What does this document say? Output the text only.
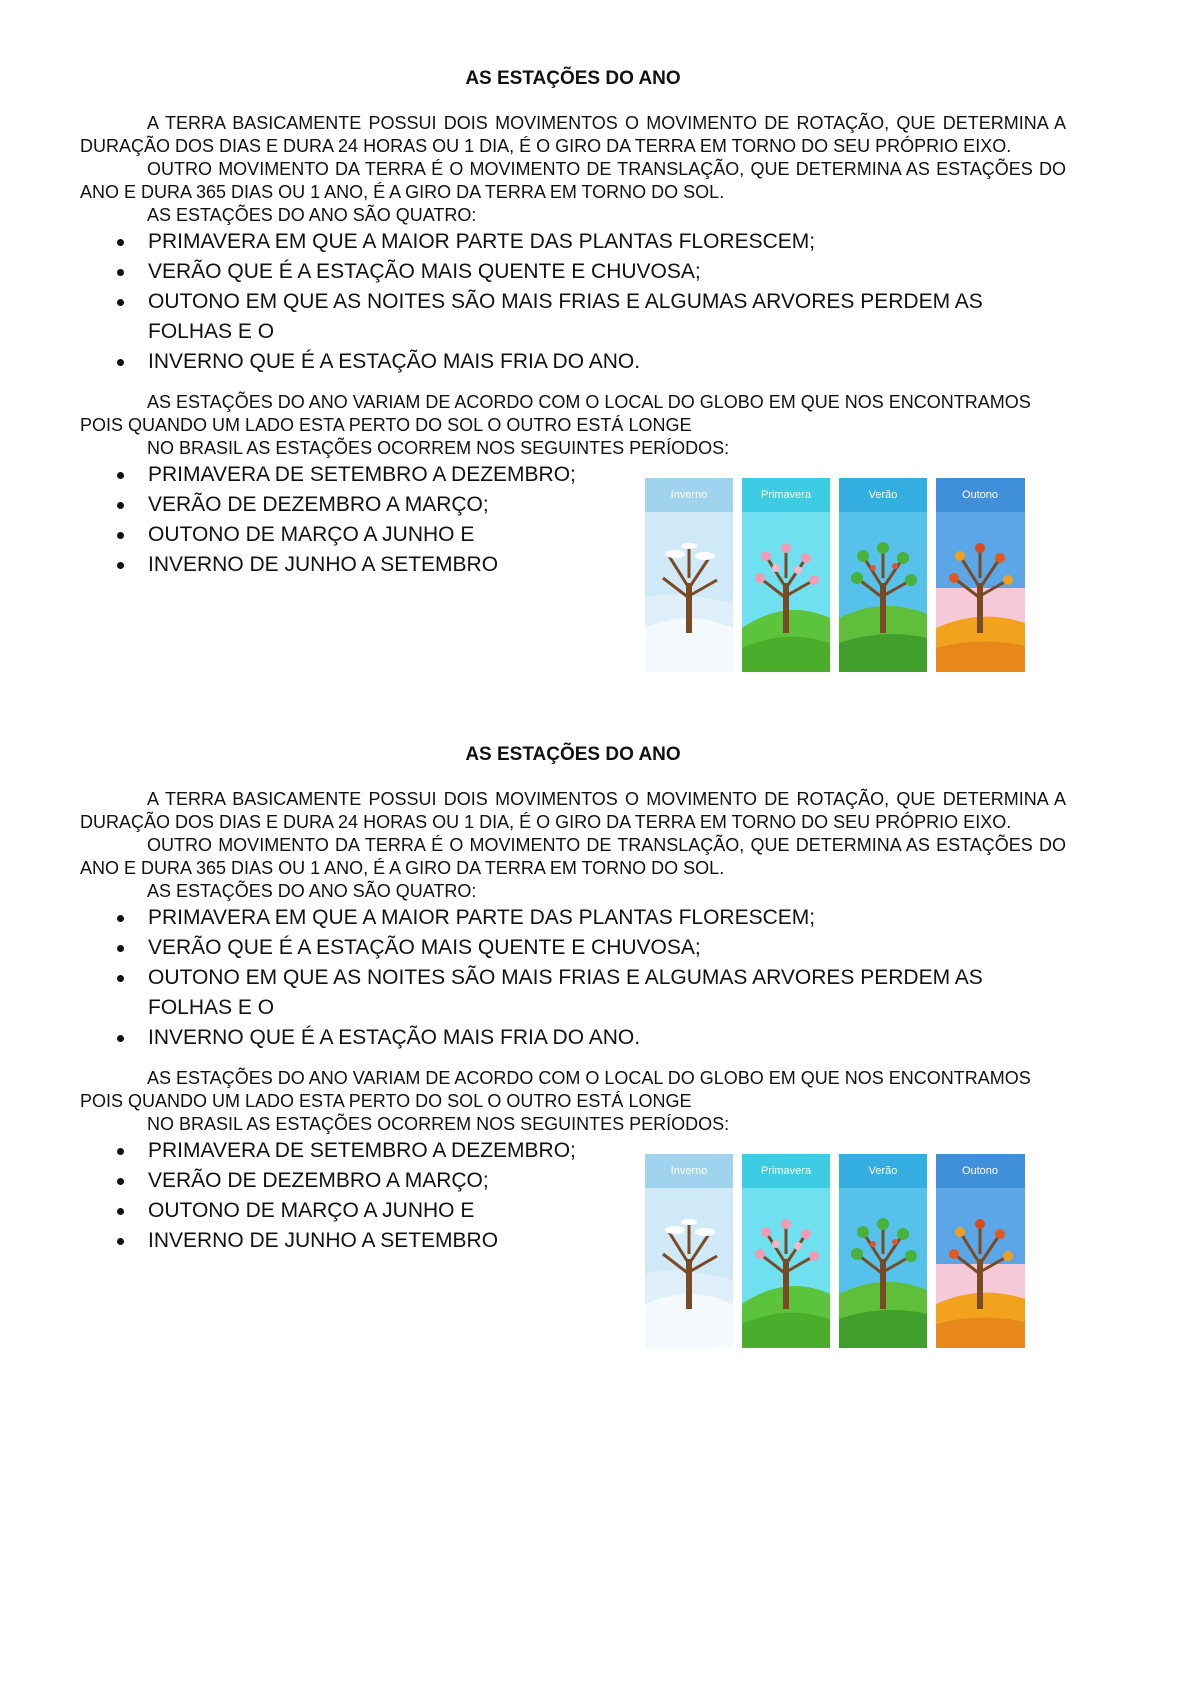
AS ESTAÇÕES DO ANO

A TERRA BASICAMENTE POSSUI DOIS MOVIMENTOS O MOVIMENTO DE ROTAÇÃO, QUE DETERMINA A DURAÇÃO DOS DIAS E DURA 24 HORAS OU 1 DIA, É O GIRO DA TERRA EM TORNO DO SEU PRÓPRIO EIXO.

OUTRO MOVIMENTO DA TERRA É O MOVIMENTO DE TRANSLAÇÃO, QUE DETERMINA AS ESTAÇÕES DO ANO E DURA 365 DIAS OU 1 ANO, É A GIRO DA TERRA EM TORNO DO SOL.

AS ESTAÇÕES DO ANO SÃO QUATRO:

PRIMAVERA EM QUE A MAIOR PARTE DAS PLANTAS FLORESCEM;
VERÃO QUE É A ESTAÇÃO MAIS QUENTE E CHUVOSA;
OUTONO EM QUE AS NOITES SÃO MAIS FRIAS E ALGUMAS ARVORES PERDEM AS FOLHAS E O
INVERNO QUE É A ESTAÇÃO MAIS FRIA DO ANO.

AS ESTAÇÕES DO ANO VARIAM DE ACORDO COM O LOCAL DO GLOBO EM QUE NOS ENCONTRAMOS POIS QUANDO UM LADO ESTA PERTO DO SOL O OUTRO ESTÁ LONGE

NO BRASIL AS ESTAÇÕES OCORREM NOS SEGUINTES PERÍODOS:

PRIMAVERA DE SETEMBRO A DEZEMBRO;
VERÃO DE DEZEMBRO A MARÇO;
OUTONO DE MARÇO A JUNHO E
INVERNO DE JUNHO A SETEMBRO
Inverno	Primavera	Verão	Outono
AS ESTAÇÕES DO ANO

A TERRA BASICAMENTE POSSUI DOIS MOVIMENTOS O MOVIMENTO DE ROTAÇÃO, QUE DETERMINA A DURAÇÃO DOS DIAS E DURA 24 HORAS OU 1 DIA, É O GIRO DA TERRA EM TORNO DO SEU PRÓPRIO EIXO.

OUTRO MOVIMENTO DA TERRA É O MOVIMENTO DE TRANSLAÇÃO, QUE DETERMINA AS ESTAÇÕES DO ANO E DURA 365 DIAS OU 1 ANO, É A GIRO DA TERRA EM TORNO DO SOL.

AS ESTAÇÕES DO ANO SÃO QUATRO:

PRIMAVERA EM QUE A MAIOR PARTE DAS PLANTAS FLORESCEM;
VERÃO QUE É A ESTAÇÃO MAIS QUENTE E CHUVOSA;
OUTONO EM QUE AS NOITES SÃO MAIS FRIAS E ALGUMAS ARVORES PERDEM AS FOLHAS E O
INVERNO QUE É A ESTAÇÃO MAIS FRIA DO ANO.

AS ESTAÇÕES DO ANO VARIAM DE ACORDO COM O LOCAL DO GLOBO EM QUE NOS ENCONTRAMOS POIS QUANDO UM LADO ESTA PERTO DO SOL O OUTRO ESTÁ LONGE

NO BRASIL AS ESTAÇÕES OCORREM NOS SEGUINTES PERÍODOS:

PRIMAVERA DE SETEMBRO A DEZEMBRO;
VERÃO DE DEZEMBRO A MARÇO;
OUTONO DE MARÇO A JUNHO E
INVERNO DE JUNHO A SETEMBRO
Inverno	Primavera	Verão	Outono
